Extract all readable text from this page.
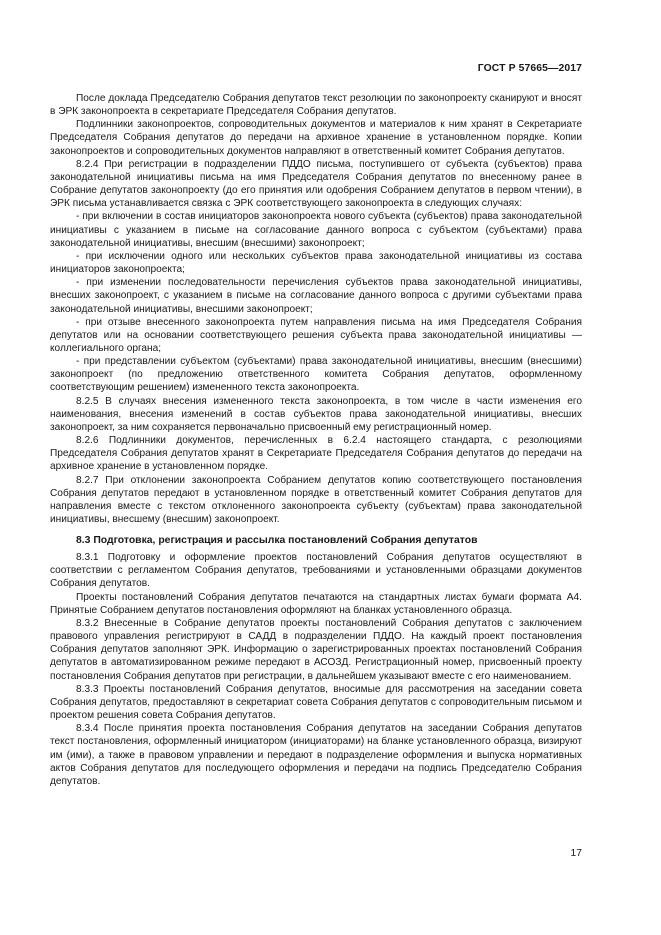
ГОСТ Р 57665—2017

После доклада Председателю Собрания депутатов текст резолюции по законопроекту сканируют и вносят в ЭРК законопроекта в секретариате Председателя Собрания депутатов.

Подлинники законопроектов, сопроводительных документов и материалов к ним хранят в Секретариате Председателя Собрания депутатов до передачи на архивное хранение в установленном порядке. Копии законопроектов и сопроводительных документов направляют в ответственный комитет Собрания депутатов.

8.2.4 При регистрации в подразделении ПДДО письма, поступившего от субъекта (субъектов) права законодательной инициативы письма на имя Председателя Собрания депутатов по внесенному ранее в Собрание депутатов законопроекту (до его принятия или одобрения Собранием депутатов в первом чтении), в ЭРК письма устанавливается связка с ЭРК соответствующего законопроекта в следующих случаях:

- при включении в состав инициаторов законопроекта нового субъекта (субъектов) права законодательной инициативы с указанием в письме на согласование данного вопроса с субъектом (субъектами) права законодательной инициативы, внесшим (внесшими) законопроект;

- при исключении одного или нескольких субъектов права законодательной инициативы из состава инициаторов законопроекта;

- при изменении последовательности перечисления субъектов права законодательной инициативы, внесших законопроект, с указанием в письме на согласование данного вопроса с другими субъектами права законодательной инициативы, внесшими законопроект;

- при отзыве внесенного законопроекта путем направления письма на имя Председателя Собрания депутатов или на основании соответствующего решения субъекта права законодательной инициативы — коллегиального органа;

- при представлении субъектом (субъектами) права законодательной инициативы, внесшим (внесшими) законопроект (по предложению ответственного комитета Собрания депутатов, оформленному соответствующим решением) измененного текста законопроекта.

8.2.5 В случаях внесения измененного текста законопроекта, в том числе в части изменения его наименования, внесения изменений в состав субъектов права законодательной инициативы, внесших законопроект, за ним сохраняется первоначально присвоенный ему регистрационный номер.

8.2.6 Подлинники документов, перечисленных в 6.2.4 настоящего стандарта, с резолюциями Председателя Собрания депутатов хранят в Секретариате Председателя Собрания депутатов до передачи на архивное хранение в установленном порядке.

8.2.7 При отклонении законопроекта Собранием депутатов копию соответствующего постановления Собрания депутатов передают в установленном порядке в ответственный комитет Собрания депутатов для направления вместе с текстом отклоненного законопроекта субъекту (субъектам) права законодательной инициативы, внесшему (внесшим) законопроект.

8.3 Подготовка, регистрация и рассылка постановлений Собрания депутатов

8.3.1 Подготовку и оформление проектов постановлений Собрания депутатов осуществляют в соответствии с регламентом Собрания депутатов, требованиями и установленными образцами документов Собрания депутатов.

Проекты постановлений Собрания депутатов печатаются на стандартных листах бумаги формата А4. Принятые Собранием депутатов постановления оформляют на бланках установленного образца.

8.3.2 Внесенные в Собрание депутатов проекты постановлений Собрания депутатов с заключением правового управления регистрируют в САДД в подразделении ПДДО. На каждый проект постановления Собрания депутатов заполняют ЭРК. Информацию о зарегистрированных проектах постановлений Собрания депутатов в автоматизированном режиме передают в АСОЗД. Регистрационный номер, присвоенный проекту постановления Собрания депутатов при регистрации, в дальнейшем указывают вместе с его наименованием.

8.3.3 Проекты постановлений Собрания депутатов, вносимые для рассмотрения на заседании совета Собрания депутатов, предоставляют в секретариат совета Собрания депутатов с сопроводительным письмом и проектом решения совета Собрания депутатов.

8.3.4 После принятия проекта постановления Собрания депутатов на заседании Собрания депутатов текст постановления, оформленный инициатором (инициаторами) на бланке установленного образца, визируют им (ими), а также в правовом управлении и передают в подразделение оформления и выпуска нормативных актов Собрания депутатов для последующего оформления и передачи на подпись Председателю Собрания депутатов.

17
